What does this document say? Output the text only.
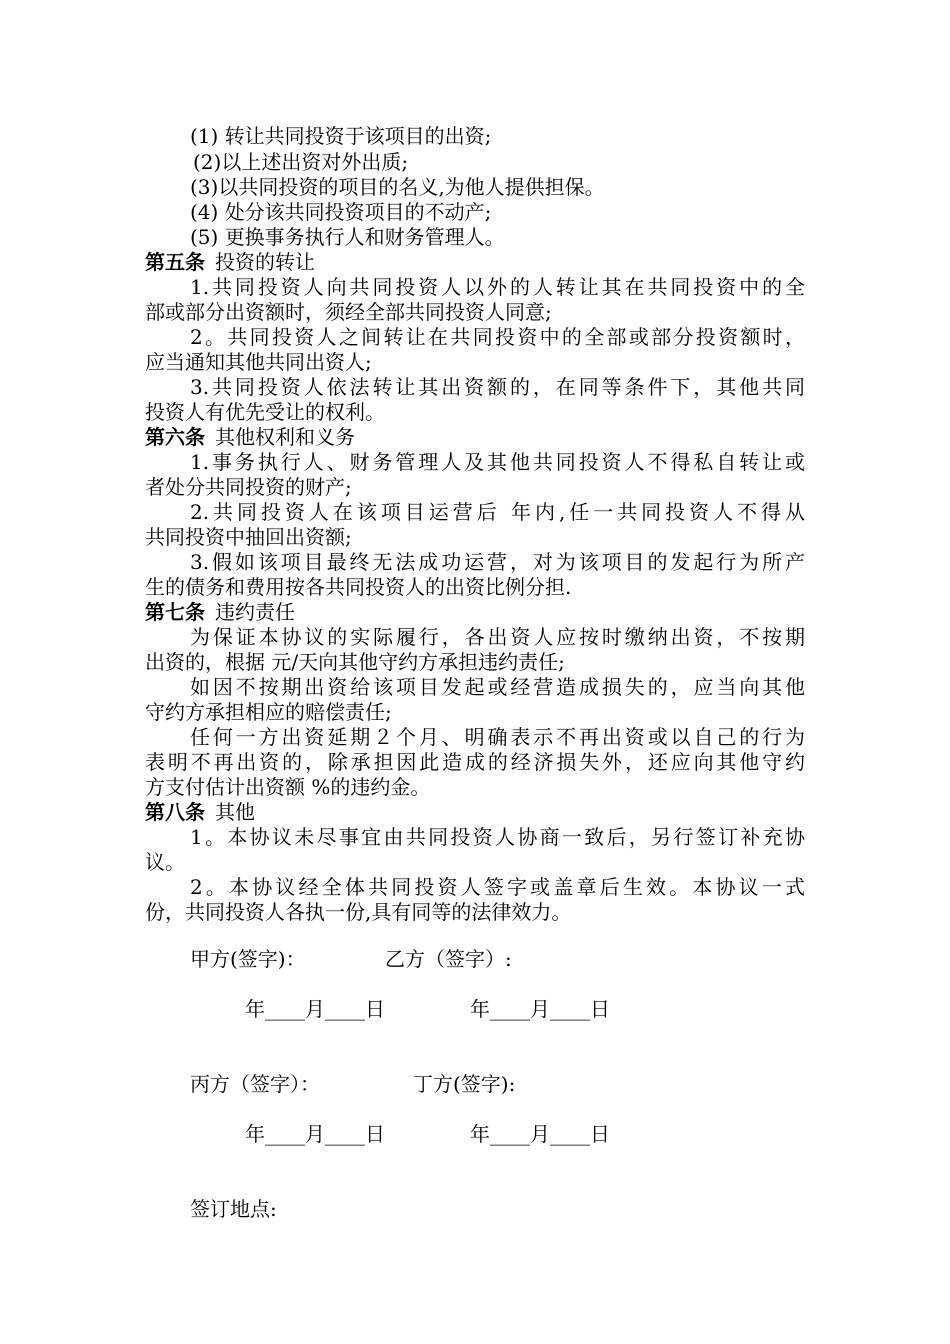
(1) 转让共同投资于该项目的出资;
(2)以上述出资对外出质;
(3)以共同投资的项目的名义,为他人提供担保。
(4) 处分该共同投资项目的不动产;
(5) 更换事务执行人和财务管理人。
第五条 投资的转让
1.共同投资人向共同投资人以外的人转让其在共同投资中的全
部或部分出资额时，须经全部共同投资人同意;
2。共同投资人之间转让在共同投资中的全部或部分投资额时，
应当通知其他共同出资人;
3.共同投资人依法转让其出资额的，在同等条件下，其他共同
投资人有优先受让的权利。
第六条 其他权利和义务
1.事务执行人、财务管理人及其他共同投资人不得私自转让或
者处分共同投资的财产;
2.共同投资人在该项目运营后 年内,任一共同投资人不得从
共同投资中抽回出资额;
3.假如该项目最终无法成功运营，对为该项目的发起行为所产
生的债务和费用按各共同投资人的出资比例分担.
第七条 违约责任
为保证本协议的实际履行，各出资人应按时缴纳出资，不按期
出资的，根据 元/天向其他守约方承担违约责任;
如因不按期出资给该项目发起或经营造成损失的，应当向其他
守约方承担相应的赔偿责任;
任何一方出资延期２个月、明确表示不再出资或以自己的行为
表明不再出资的，除承担因此造成的经济损失外，还应向其他守约
方支付估计出资额 %的违约金。
第八条 其他
1。本协议未尽事宜由共同投资人协商一致后，另行签订补充协
议。
2。本协议经全体共同投资人签字或盖章后生效。本协议一式
份，共同投资人各执一份,具有同等的法律效力。
甲方(签字)：	乙方（签字）:
年____月____日	年____月____日
丙方（签字）：	丁方(签字):
年____月____日	年____月____日
签订地点:
